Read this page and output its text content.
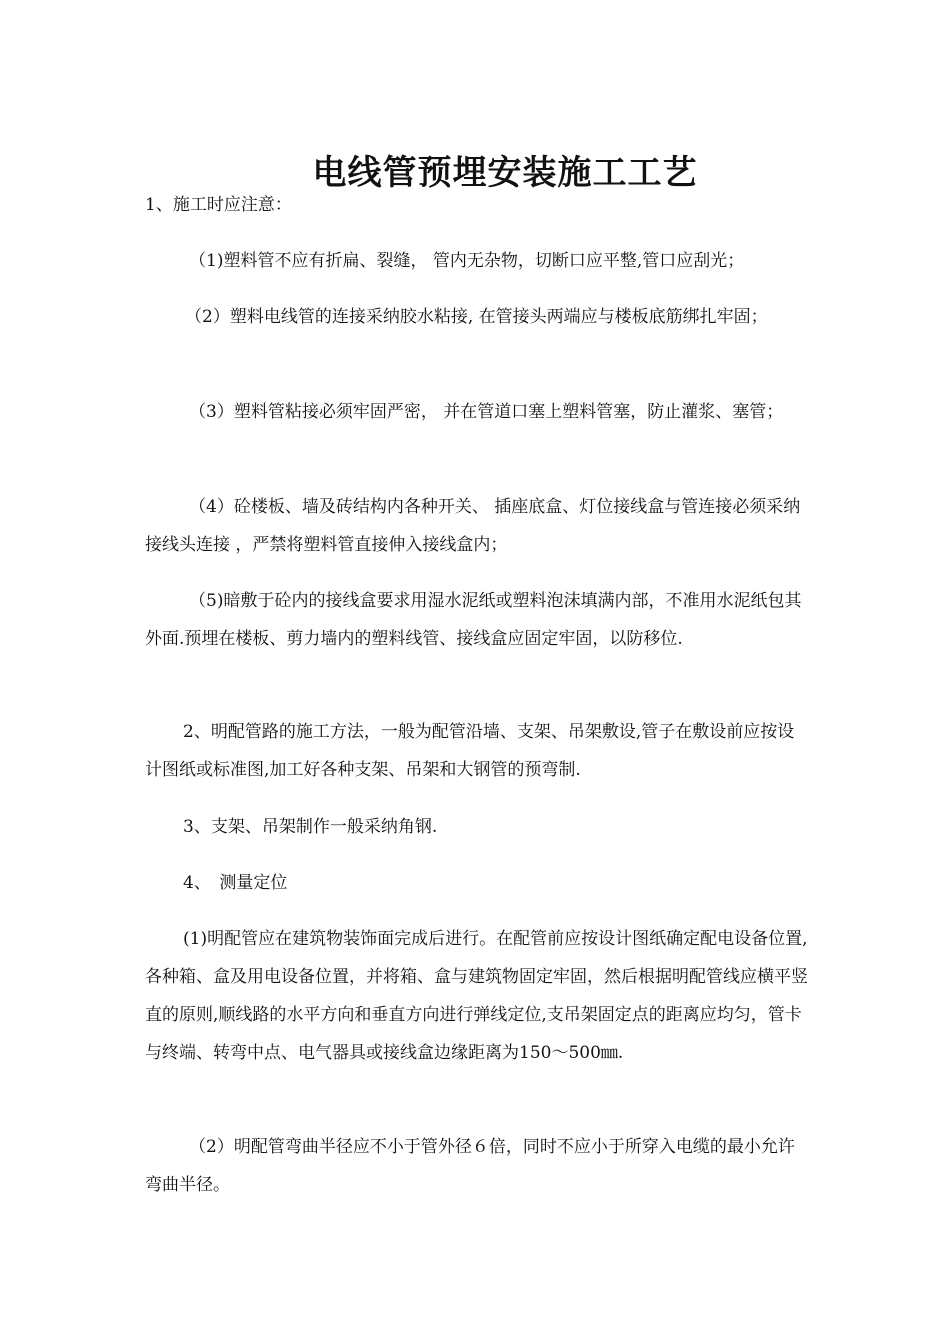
电线管预埋安装施工工艺

1、施工时应注意：

（1)塑料管不应有折扁、裂缝， 管内无杂物，切断口应平整,管口应刮光；

（2）塑料电线管的连接采纳胶水粘接, 在管接头两端应与楼板底筋绑扎牢固；

（3）塑料管粘接必须牢固严密， 并在管道口塞上塑料管塞，防止灌浆、塞管；

（4）砼楼板、墙及砖结构内各种开关、 插座底盒、灯位接线盒与管连接必须采纳接线头连接 ，严禁将塑料管直接伸入接线盒内；

（5)暗敷于砼内的接线盒要求用湿水泥纸或塑料泡沫填满内部，不准用水泥纸包其外面.预埋在楼板、剪力墙内的塑料线管、接线盒应固定牢固，以防移位.

2、明配管路的施工方法，一般为配管沿墙、支架、吊架敷设,管子在敷设前应按设计图纸或标准图,加工好各种支架、吊架和大钢管的预弯制.

3、支架、吊架制作一般采纳角钢.

4、　测量定位

(1)明配管应在建筑物装饰面完成后进行。在配管前应按设计图纸确定配电设备位置,各种箱、盒及用电设备位置，并将箱、盒与建筑物固定牢固，然后根据明配管线应横平竖直的原则,顺线路的水平方向和垂直方向进行弹线定位,支吊架固定点的距离应均匀，管卡与终端、转弯中点、电气器具或接线盒边缘距离为150～500㎜.

（2）明配管弯曲半径应不小于管外径６倍，同时不应小于所穿入电缆的最小允许弯曲半径。
